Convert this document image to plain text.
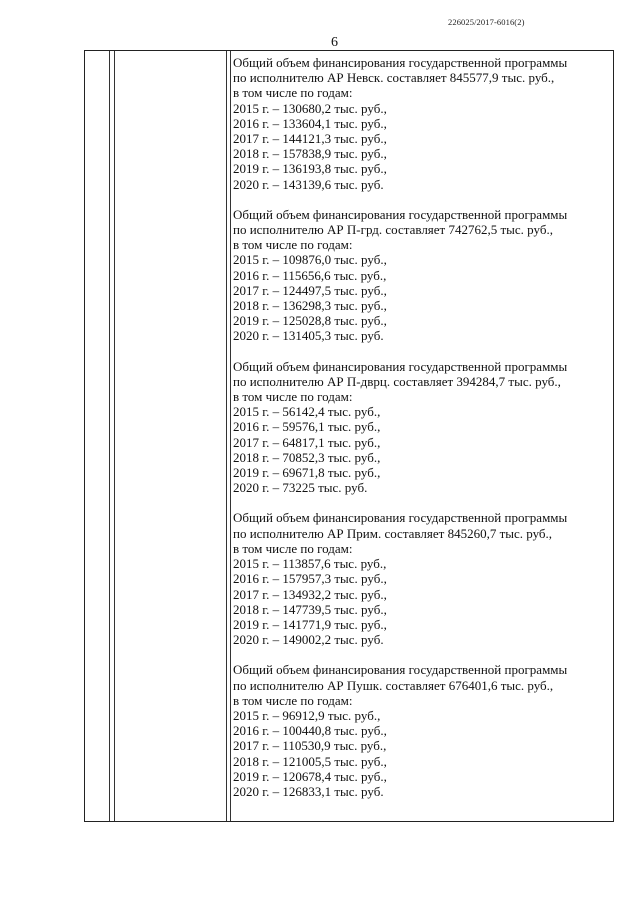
226025/2017-6016(2)
6
Общий объем финансирования государственной программы
по исполнителю АР Невск. составляет 845577,9 тыс. руб.,
в том числе по годам:
2015 г. – 130680,2 тыс. руб.,
2016 г. – 133604,1 тыс. руб.,
2017 г. – 144121,3 тыс. руб.,
2018 г. – 157838,9 тыс. руб.,
2019 г. – 136193,8 тыс. руб.,
2020 г. – 143139,6 тыс. руб.
Общий объем финансирования государственной программы
по исполнителю АР П-грд. составляет 742762,5 тыс. руб.,
в том числе по годам:
2015 г. – 109876,0 тыс. руб.,
2016 г. – 115656,6 тыс. руб.,
2017 г. – 124497,5 тыс. руб.,
2018 г. – 136298,3 тыс. руб.,
2019 г. – 125028,8 тыс. руб.,
2020 г. – 131405,3 тыс. руб.
Общий объем финансирования государственной программы
по исполнителю АР П-дврц. составляет 394284,7 тыс. руб.,
в том числе по годам:
2015 г. – 56142,4 тыс. руб.,
2016 г. – 59576,1 тыс. руб.,
2017 г. – 64817,1 тыс. руб.,
2018 г. – 70852,3 тыс. руб.,
2019 г. – 69671,8 тыс. руб.,
2020 г. – 73225 тыс. руб.
Общий объем финансирования государственной программы
по исполнителю АР Прим. составляет 845260,7 тыс. руб.,
в том числе по годам:
2015 г. – 113857,6 тыс. руб.,
2016 г. – 157957,3 тыс. руб.,
2017 г. – 134932,2 тыс. руб.,
2018 г. – 147739,5 тыс. руб.,
2019 г. – 141771,9 тыс. руб.,
2020 г. – 149002,2 тыс. руб.
Общий объем финансирования государственной программы
по исполнителю АР Пушк. составляет 676401,6 тыс. руб.,
в том числе по годам:
2015 г. – 96912,9 тыс. руб.,
2016 г. – 100440,8 тыс. руб.,
2017 г. – 110530,9 тыс. руб.,
2018 г. – 121005,5 тыс. руб.,
2019 г. – 120678,4 тыс. руб.,
2020 г. – 126833,1 тыс. руб.
